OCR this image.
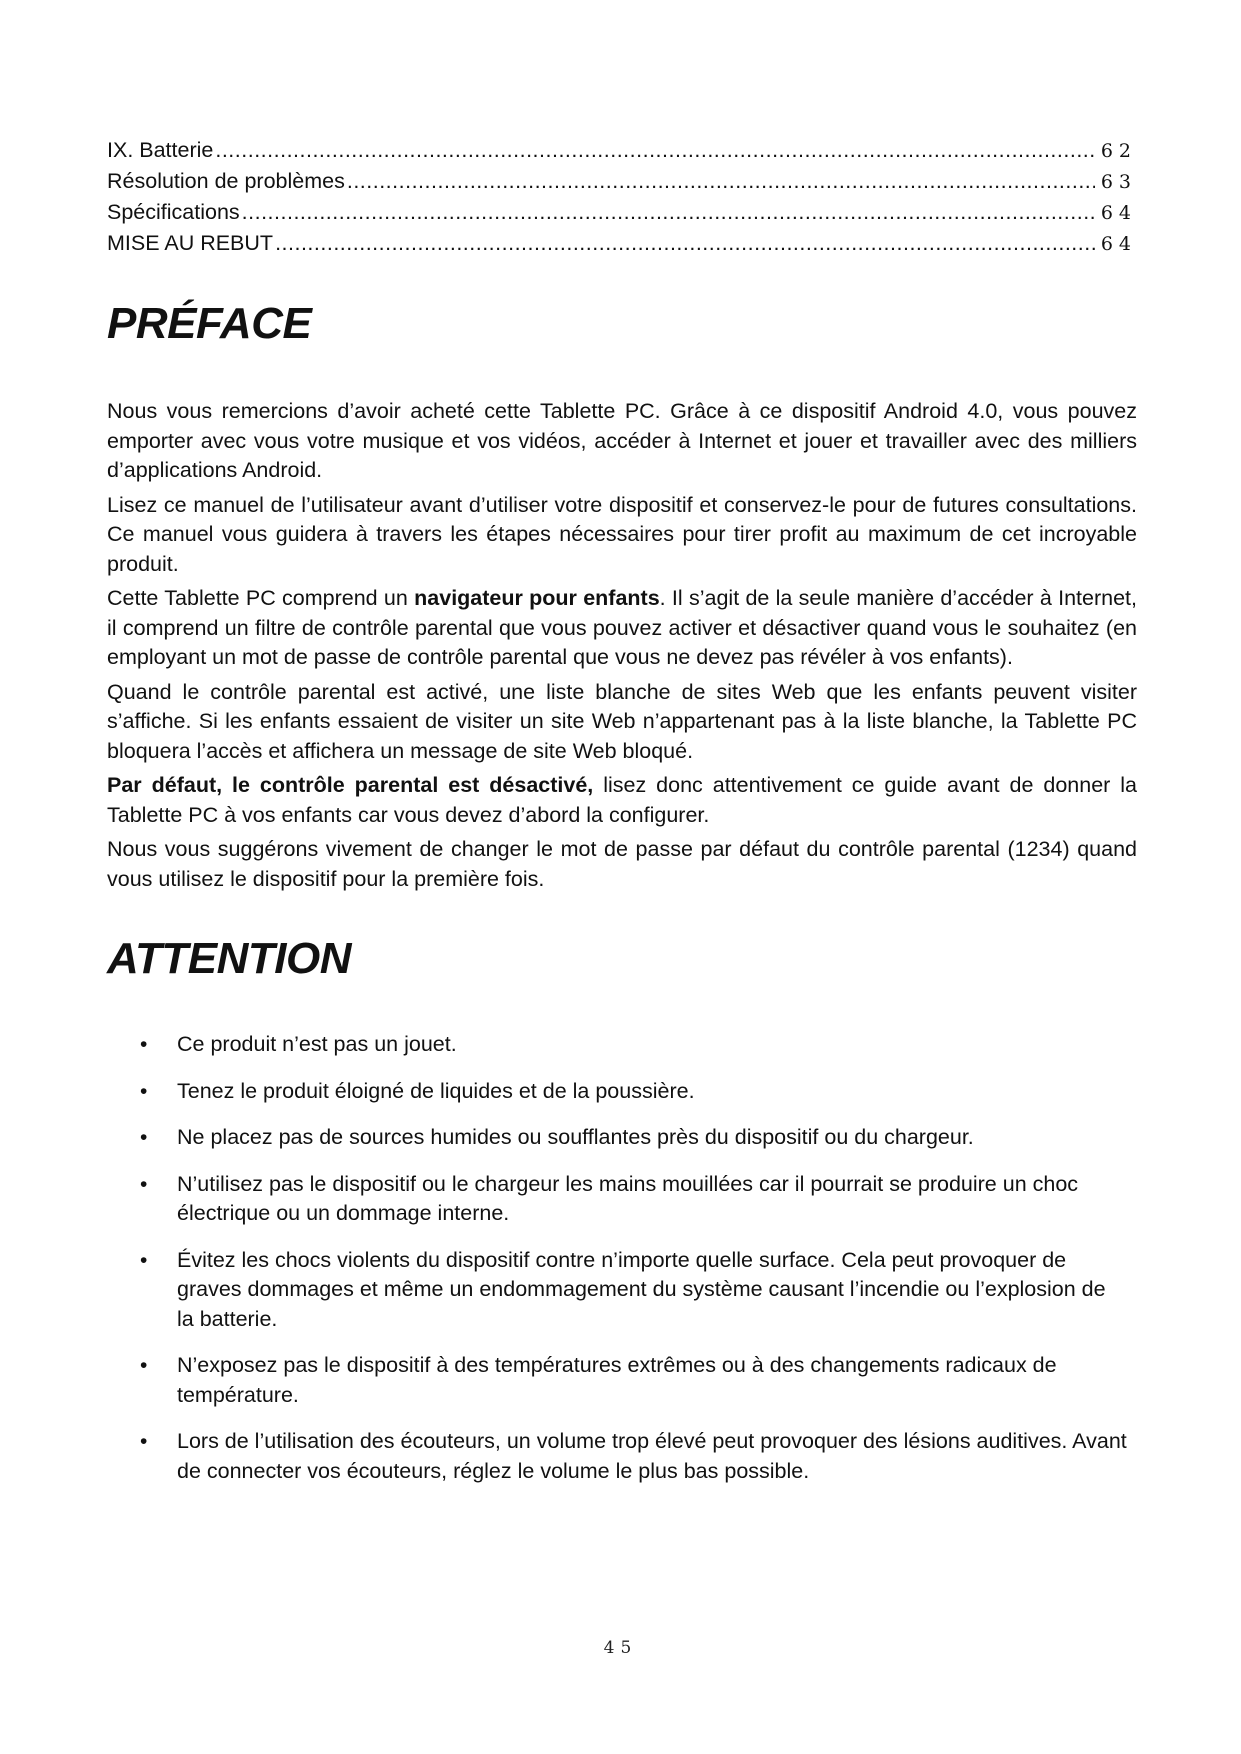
IX. Batterie .....	62
Résolution de problèmes .....	63
Spécifications .....	64
MISE AU REBUT .....	64
PRÉFACE

Nous vous remercions d’avoir acheté cette Tablette PC. Grâce à ce dispositif Android 4.0, vous pouvez emporter avec vous votre musique et vos vidéos, accéder à Internet et jouer et travailler avec des milliers d’applications Android.

Lisez ce manuel de l’utilisateur avant d’utiliser votre dispositif et conservez-le pour de futures consultations. Ce manuel vous guidera à travers les étapes nécessaires pour tirer profit au maximum de cet incroyable produit.

Cette Tablette PC comprend un navigateur pour enfants. Il s’agit de la seule manière d’accéder à Internet, il comprend un filtre de contrôle parental que vous pouvez activer et désactiver quand vous le souhaitez (en employant un mot de passe de contrôle parental que vous ne devez pas révéler à vos enfants).

Quand le contrôle parental est activé, une liste blanche de sites Web que les enfants peuvent visiter s’affiche. Si les enfants essaient de visiter un site Web n’appartenant pas à la liste blanche, la Tablette PC bloquera l’accès et affichera un message de site Web bloqué.

Par défaut, le contrôle parental est désactivé, lisez donc attentivement ce guide avant de donner la Tablette PC à vos enfants car vous devez d’abord la configurer.

Nous vous suggérons vivement de changer le mot de passe par défaut du contrôle parental (1234) quand vous utilisez le dispositif pour la première fois.

ATTENTION
• Ce produit n’est pas un jouet.
• Tenez le produit éloigné de liquides et de la poussière.
• Ne placez pas de sources humides ou soufflantes près du dispositif ou du chargeur.
• N’utilisez pas le dispositif ou le chargeur les mains mouillées car il pourrait se produire un choc électrique ou un dommage interne.
• Évitez les chocs violents du dispositif contre n’importe quelle surface. Cela peut provoquer de graves dommages et même un endommagement du système causant l’incendie ou l’explosion de la batterie.
• N’exposez pas le dispositif à des températures extrêmes ou à des changements radicaux de température.
• Lors de l’utilisation des écouteurs, un volume trop élevé peut provoquer des lésions auditives. Avant de connecter vos écouteurs, réglez le volume le plus bas possible.
45
